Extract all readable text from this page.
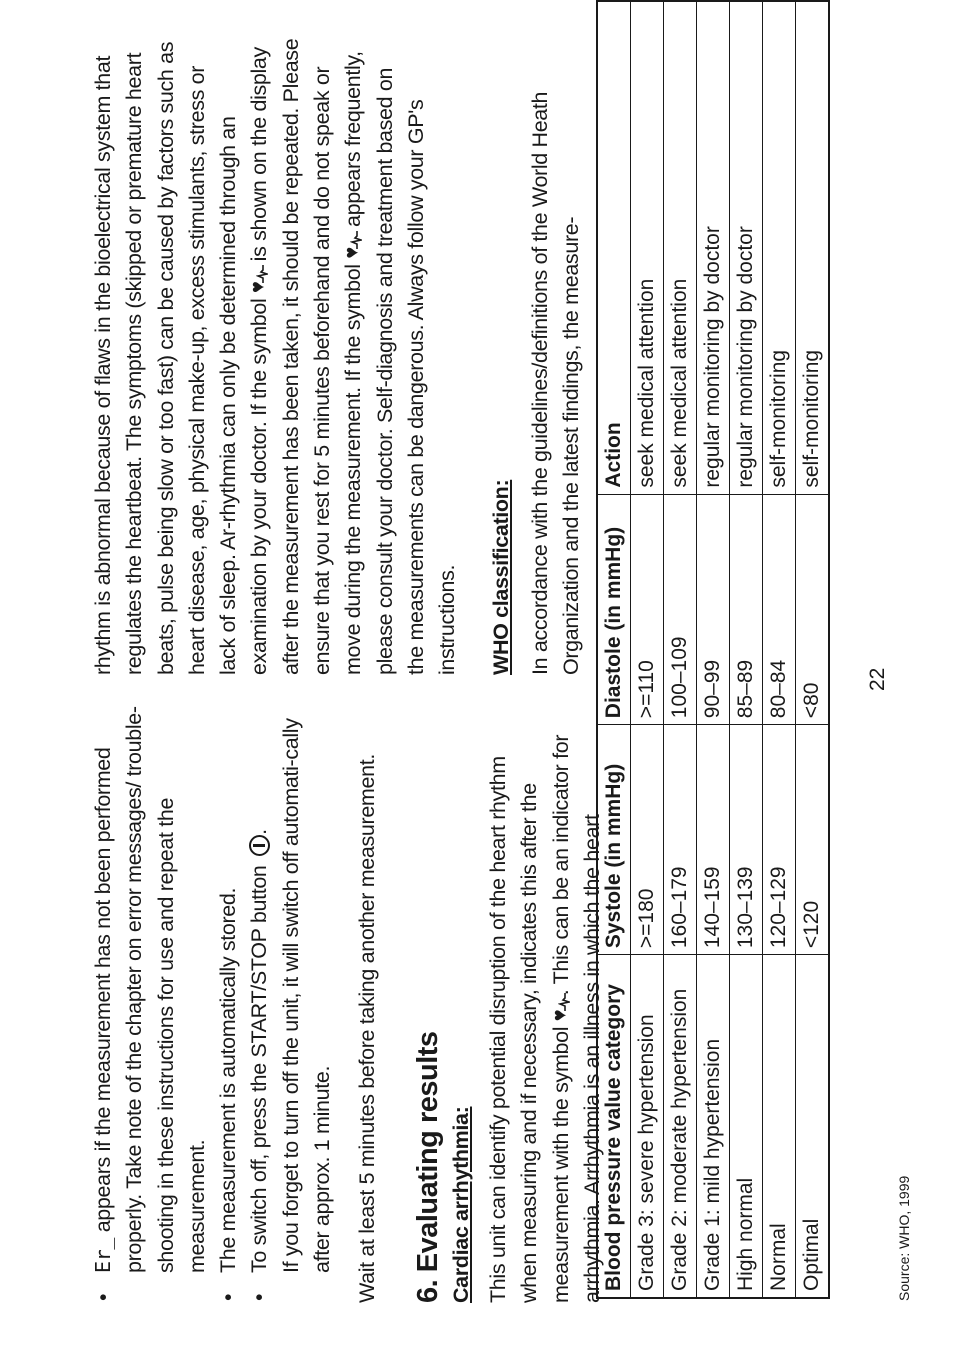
•
Er_ appears if the measurement has not been performed properly. Take note of the chapter on error messages/ trouble-shooting in these instructions for use and repeat the measurement.

•
The measurement is automatically stored.

•
To switch off, press the START/STOP button . If you forget to turn off the unit, it will switch off automati-cally after approx. 1 minute. Wait at least 5 minutes before taking another measurement. 6. Evaluating results Cardiac arrhythmia: This unit can identify potential disruption of the heart rhythm when measuring and if necessary, indicates this after the measurement with the symbol
♥
. This can be an indicator for arrhythmia. Arrhythmia is an illness in which the heart

rhythm is abnormal because of flaws in the bioelectrical system that regulates the heartbeat. The symptoms (skipped or premature heart beats, pulse being slow or too fast) can be caused by factors such as heart disease, age, physical make-up, excess stimulants, stress or lack of sleep. Ar-rhythmia can only be determined through an examination by your doctor. If the symbol
♥
is shown on the display after the measurement has been taken, it should be repeated. Please ensure that you rest for 5 minutes beforehand and do not speak or move during the measurement. If the symbol
♥
appears frequently, please consult your doctor. Self-diagnosis and treatment based on the measurements can be dangerous. Always follow your GP's instructions. WHO classification: In accordance with the guidelines/definitions of the World Heath Organization and the latest findings, the measure-

Blood pressure value category	Systole (in mmHg)	Diastole (in mmHg)	Action
Grade 3: severe hypertension	>=180	>=110	seek medical attention
Grade 2: moderate hypertension	160–179	100–109	seek medical attention
Grade 1: mild hypertension	140–159	90–99	regular monitoring by doctor
High normal	130–139	85–89	regular monitoring by doctor
Normal	120–129	80–84	self-monitoring
Optimal	<120	<80	self-monitoring
Source: WHO, 1999
22
